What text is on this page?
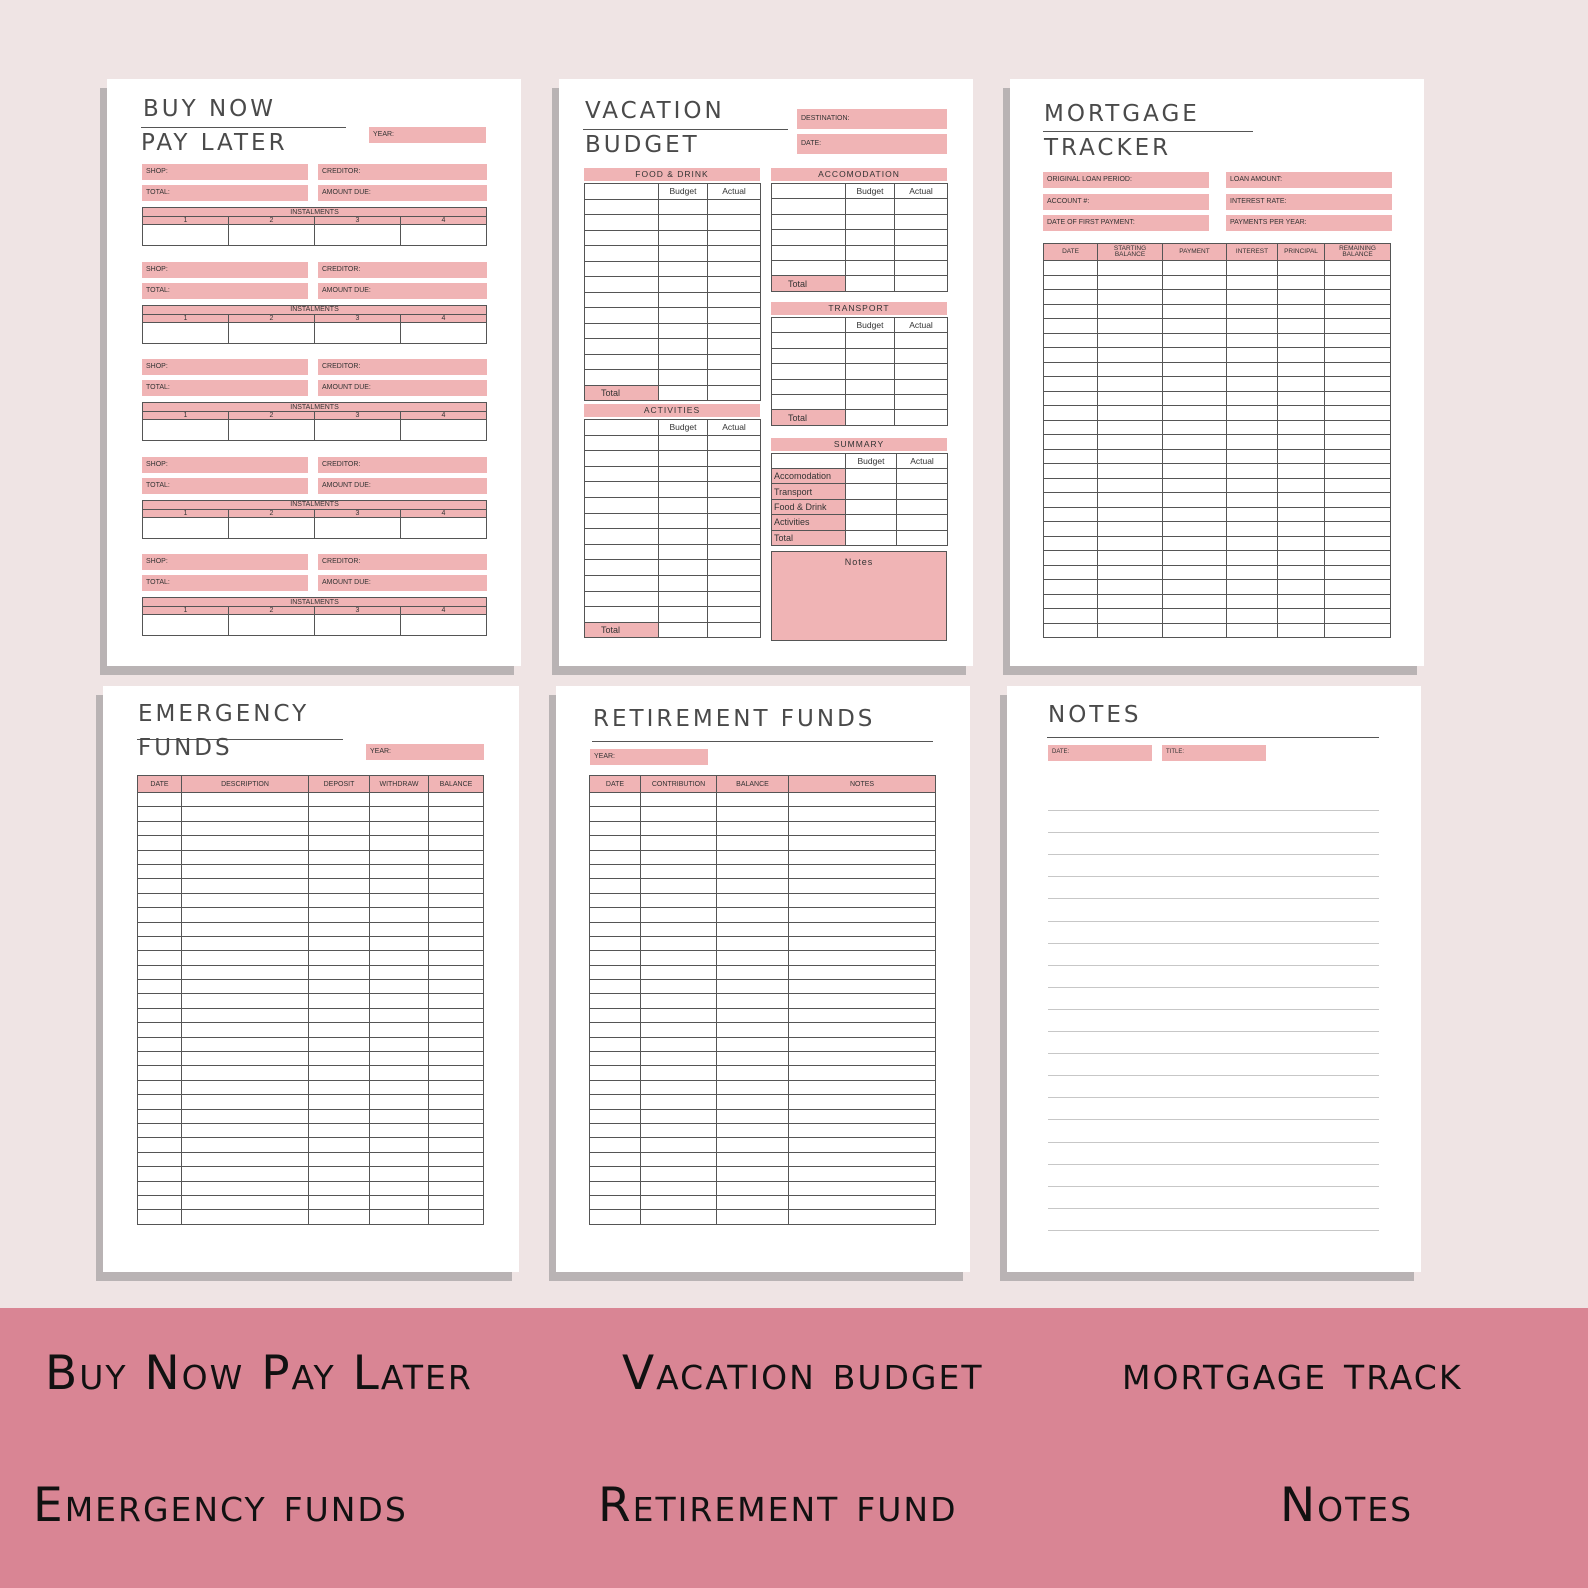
BUY NOW
PAY LATER	YEAR:
SHOP:	CREDITOR:
TOTAL:	AMOUNT DUE:
INSTALMENTS			
1	2	3	4

SHOP:	CREDITOR:
TOTAL:	AMOUNT DUE:
INSTALMENTS			
1	2	3	4

SHOP:	CREDITOR:
TOTAL:	AMOUNT DUE:
INSTALMENTS			
1	2	3	4

SHOP:	CREDITOR:
TOTAL:	AMOUNT DUE:
INSTALMENTS			
1	2	3	4

SHOP:	CREDITOR:
TOTAL:	AMOUNT DUE:
INSTALMENTS			
1	2	3	4

VACATION
BUDGET
DESTINATION:
DATE:
FOOD & DRINK
	Budget	Actual

Total		
ACTIVITIES
	Budget	Actual

Total		
ACCOMODATION
	Budget	Actual

Total		
TRANSPORT
	Budget	Actual

Total		
SUMMARY
	Budget	Actual
Accomodation		
Transport		
Food & Drink		
Activities		
Total		
Notes
MORTGAGE
TRACKER
ORIGINAL LOAN PERIOD:	LOAN AMOUNT:
ACCOUNT #:	INTEREST RATE:
DATE OF FIRST PAYMENT:	PAYMENTS PER YEAR:
DATE	STARTING BALANCE	PAYMENT	INTEREST	PRINCIPAL	REMAINING BALANCE

EMERGENCY
FUNDS	YEAR:
DATE	DESCRIPTION	DEPOSIT	WITHDRAW	BALANCE

RETIREMENT FUNDS
YEAR:
DATE	CONTRIBUTION	BALANCE	NOTES

NOTES
DATE:	TITLE:
Buy Now Pay Later	Vacation budget	mortgage track
Emergency funds	Retirement fund	Notes
